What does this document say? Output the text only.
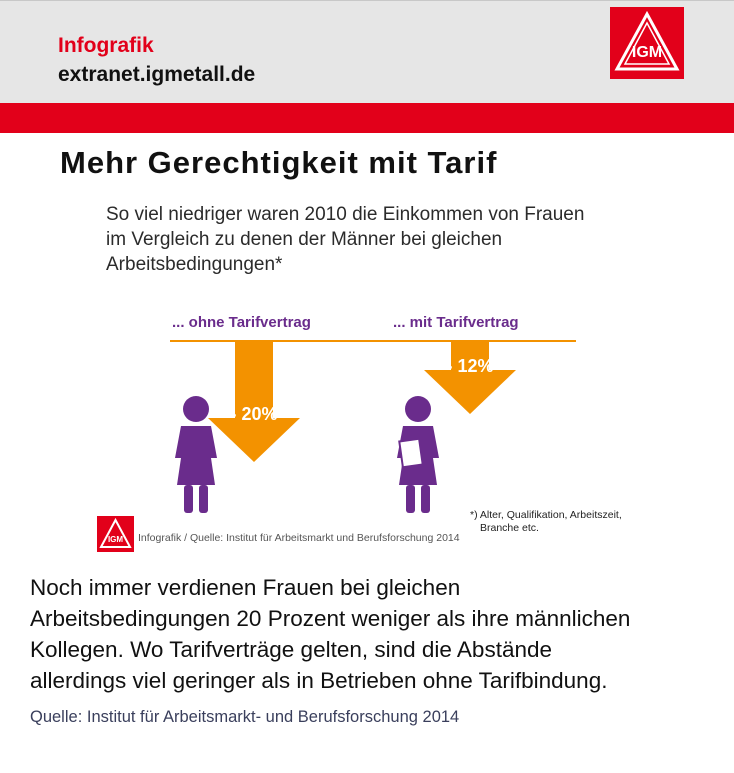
Infografik
extranet.igmetall.de
IGM
Mehr Gerechtigkeit mit Tarif
So viel niedriger waren 2010 die Einkommen von Frauen
im Vergleich zu denen der Männer bei gleichen
Arbeitsbedingungen*
... ohne Tarifvertrag	... mit Tarifvertrag
- 20%
- 12%
*) Alter, Qualifikation, Arbeitszeit,
Branche etc.
IGM Infografik / Quelle: Institut für Arbeitsmarkt und Berufsforschung 2014
Noch immer verdienen Frauen bei gleichen
Arbeitsbedingungen 20 Prozent weniger als ihre männlichen
Kollegen. Wo Tarifverträge gelten, sind die Abstände
allerdings viel geringer als in Betrieben ohne Tarifbindung.
Quelle: Institut für Arbeitsmarkt- und Berufsforschung 2014
